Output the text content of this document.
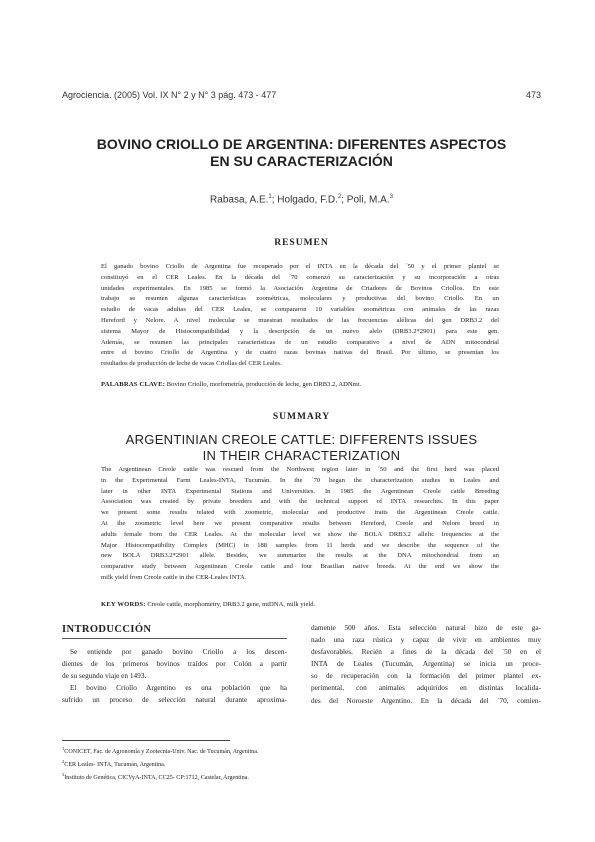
Agrociencia. (2005) Vol. IX N° 2 y N° 3 pág. 473 - 477	473
BOVINO CRIOLLO DE ARGENTINA: DIFERENTES ASPECTOS
EN SU CARACTERIZACIÓN
Rabasa, A.E.$^1$; Holgado, F.D.$^2$; Poli, M.A.$^3$
RESUMEN
El ganado bovino Criollo de Argentina fue recuperado por el INTA en la década del ´50 y el primer plantel se
constituyó en el CER Leales. En la década del ´70 comenzó su caracterización y su incorporación a otras
unidades experimentales. En 1985 se formó la Asociación Argentina de Criadores de Bovinos Criollos. En este
trabajo se resumen algunas características zoométricas, moleculares y productivas del bovino Criollo. En un
estudio de vacas adultas del CER Leales, se compararon 10 variables zoométricas con animales de las razas
Hereford y Nelore. A nivel molecular se muestran resultados de las frecuencias alélicas del gen DRB3.2 del
sistema Mayor de Histocompatibilidad y la descripción de un nuevo alelo (DRB3.2*2901) para este gen.
Además, se resumen las principales características de un estudio comparativo a nivel de ADN mitocondrial
entre el bovino Criollo de Argentina y de cuatro razas bovinas nativas del Brasil. Por último, se presentan los
resultados de producción de leche de vacas Criollas del CER Leales.
PALABRAS CLAVE: Bovino Criollo, morfometría, producción de leche, gen DRB3.2, ADNmt.
SUMMARY
ARGENTINIAN CREOLE CATTLE: DIFFERENTS ISSUES
IN THEIR CHARACTERIZATION
The Argentinean Creole cattle was rescued from the Northwest region later in ´50 and the first herd was placed
in the Experimental Farm Leales-INTA, Tucumán. In the ´70 began the characterization studies in Leales and
later in other INTA Experimental Stations and Universities. In 1985 the Argentinean Creole cattle Breeding
Association was created by private breeders and with the technical support of INTA researches. In this paper
we present some results related with zoometric, molecular and productive traits the Argentinean Creole cattle.
At the zoometric level here we present comparative results between Hereford, Creole and Nelore breed in
adults female from the CER Leales. At the molecular level we show the BOLA DRB3.2 allelic frequencies at the
Major Histocompatibility Complex (MHC) in 188 samples from 11 herds and we describe the sequence of the
new BOLA DRB3.2*2901 allele. Besides, we summarize the results at the DNA mitochondrial from an
comparative study between Argentinean Creole cattle and four Brasilian native breeds. At the end we show the
milk yield from Creole cattle in the CER-Leales INTA.
KEY WORDS: Creole cattle, morphometry, DRB3.2 gene, mtDNA, milk yield.
INTRODUCCIÓN
Se entiende por ganado bovino Criollo a los descen-
dientes de los primeros bovinos traídos por Colón a partir
de su segundo viaje en 1493.
El bovino Criollo Argentino es una población que ha
sufrido un proceso de selección natural durante aproxima-
damente 500 años. Esta selección natural hizo de este ga-
nado una raza rústica y capaz de vivir en ambientes muy
desfavorables. Recién a fines de la década del ´50 en el
INTA de Leales (Tucumán, Argentina) se inicia un proce-
so de recuperación con la formación del primer plantel ex-
perimental, con animales adquiridos en distintas localida-
des del Noroeste Argentino. En la década del ´70, comien-
$^1$CONICET, Fac. de Agronomía y Zootecnia-Univ. Nac. de Tucumán, Argentina.
$^2$CER Leales- INTA, Tucumán, Argentina.
$^3$Instituto de Genética, CICVyA-INTA, CC25- CP:1712, Castelar, Argentina.
